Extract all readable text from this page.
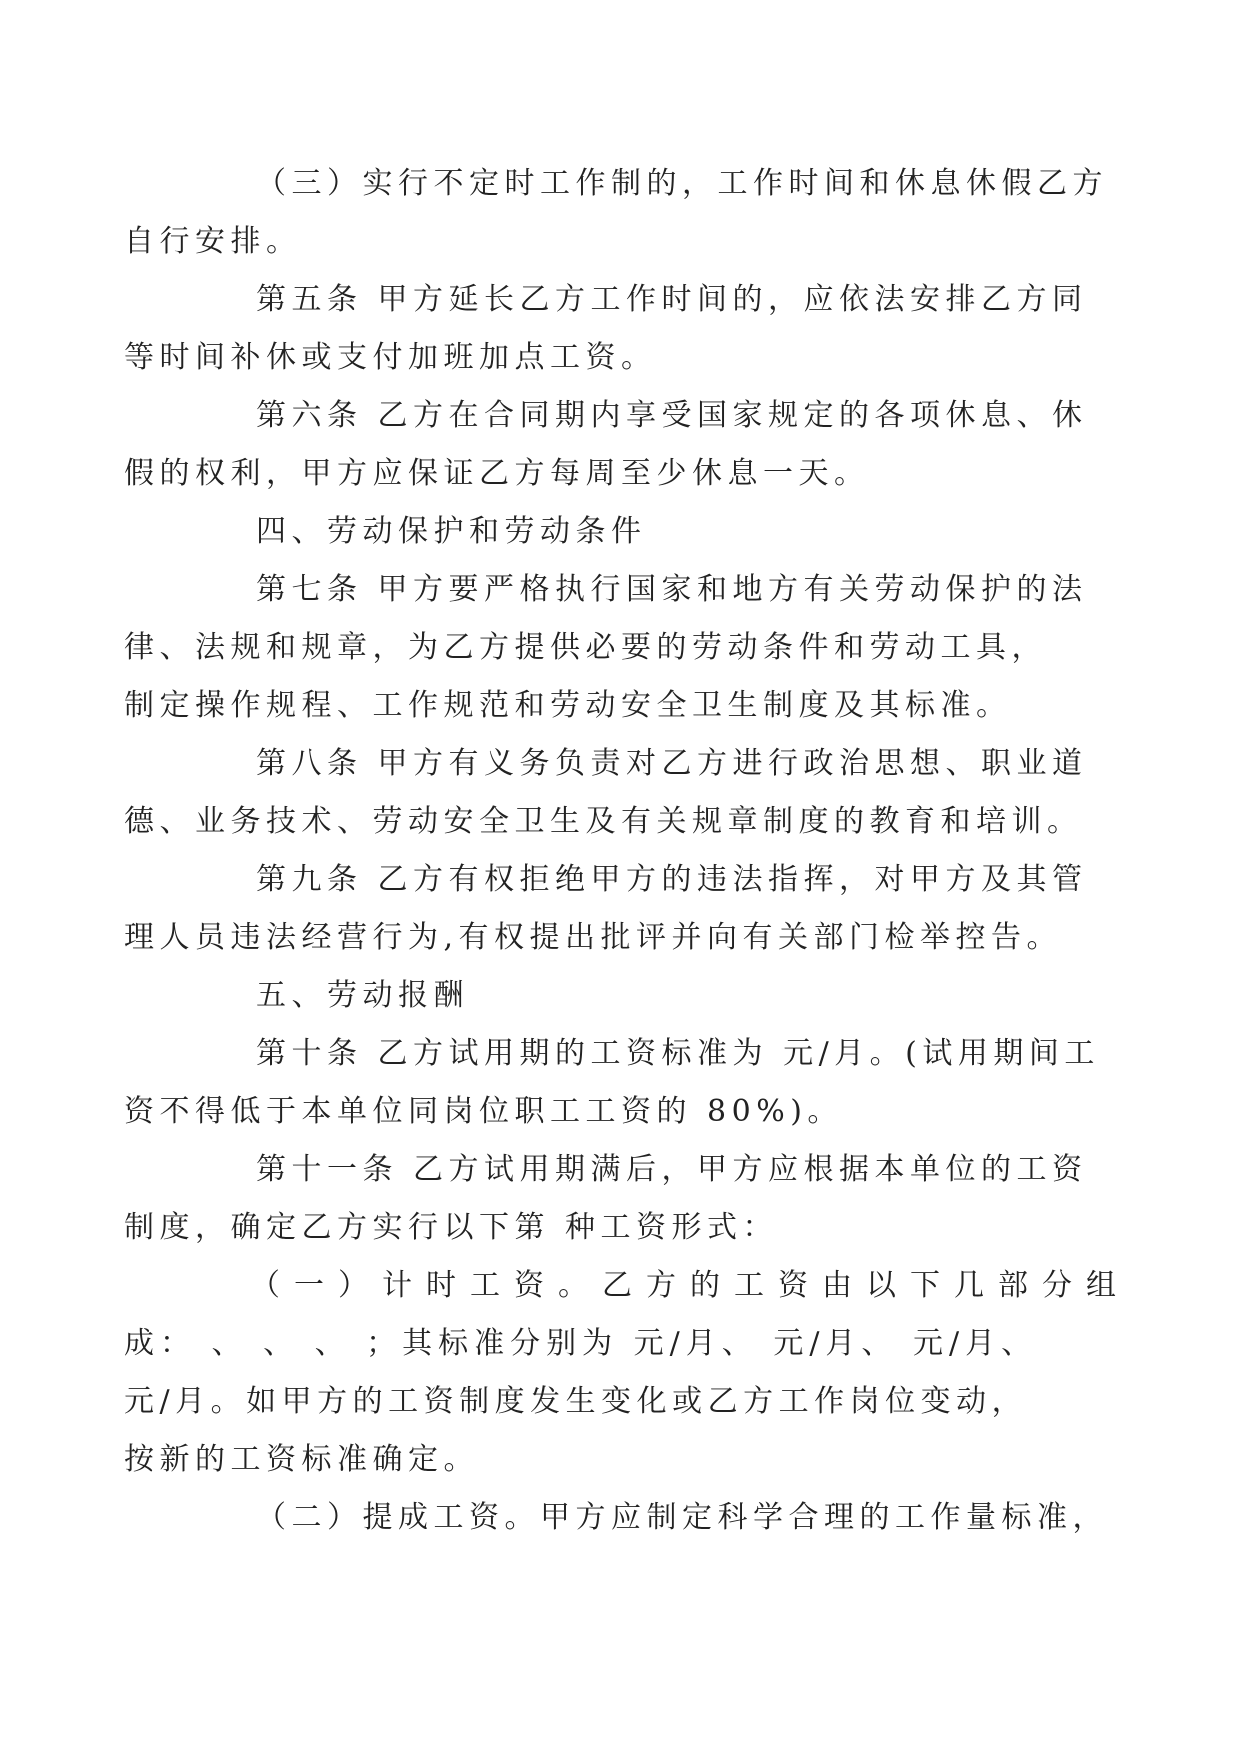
（三）实行不定时工作制的，工作时间和休息休假乙方
自行安排。

第五条 甲方延长乙方工作时间的，应依法安排乙方同
等时间补休或支付加班加点工资。

第六条 乙方在合同期内享受国家规定的各项休息、休
假的权利，甲方应保证乙方每周至少休息一天。

四、劳动保护和劳动条件

第七条 甲方要严格执行国家和地方有关劳动保护的法
律、法规和规章，为乙方提供必要的劳动条件和劳动工具，
制定操作规程、工作规范和劳动安全卫生制度及其标准。

第八条 甲方有义务负责对乙方进行政治思想、职业道
德、业务技术、劳动安全卫生及有关规章制度的教育和培训。

第九条 乙方有权拒绝甲方的违法指挥，对甲方及其管
理人员违法经营行为,有权提出批评并向有关部门检举控告。

五、劳动报酬

第十条 乙方试用期的工资标准为 元/月。(试用期间工
资不得低于本单位同岗位职工工资的 80%)。

第十一条 乙方试用期满后，甲方应根据本单位的工资
制度，确定乙方实行以下第 种工资形式：

（一）计时工资。乙方的工资由以下几部分组
成： 、 、 、 ；其标准分别为 元/月、 元/月、 元/月、
元/月。如甲方的工资制度发生变化或乙方工作岗位变动，
按新的工资标准确定。

（二）提成工资。甲方应制定科学合理的工作量标准，
